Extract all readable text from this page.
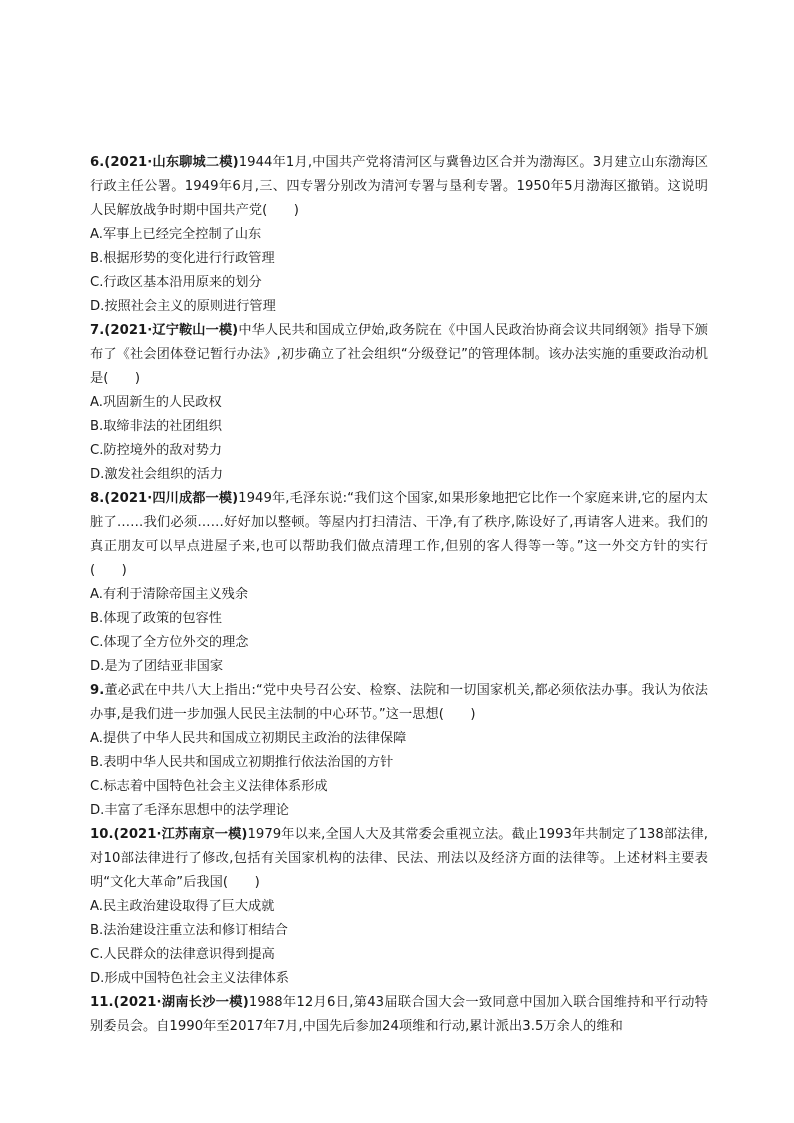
6.(2021·山东聊城二模)1944年1月,中国共产党将清河区与冀鲁边区合并为渤海区。3月建立山东渤海区行政主任公署。1949年6月,三、四专署分别改为清河专署与垦利专署。1950年5月渤海区撤销。这说明人民解放战争时期中国共产党(　　)

A.军事上已经完全控制了山东
B.根据形势的变化进行行政管理
C.行政区基本沿用原来的划分
D.按照社会主义的原则进行管理

7.(2021·辽宁鞍山一模)中华人民共和国成立伊始,政务院在《中国人民政治协商会议共同纲领》指导下颁布了《社会团体登记暂行办法》,初步确立了社会组织“分级登记”的管理体制。该办法实施的重要政治动机是(　　)

A.巩固新生的人民政权
B.取缔非法的社团组织
C.防控境外的敌对势力
D.激发社会组织的活力

8.(2021·四川成都一模)1949年,毛泽东说:“我们这个国家,如果形象地把它比作一个家庭来讲,它的屋内太脏了……我们必须……好好加以整顿。等屋内打扫清洁、干净,有了秩序,陈设好了,再请客人进来。我们的真正朋友可以早点进屋子来,也可以帮助我们做点清理工作,但别的客人得等一等。”这一外交方针的实行(　　)

A.有利于清除帝国主义残余
B.体现了政策的包容性
C.体现了全方位外交的理念
D.是为了团结亚非国家

9.董必武在中共八大上指出:“党中央号召公安、检察、法院和一切国家机关,都必须依法办事。我认为依法办事,是我们进一步加强人民民主法制的中心环节。”这一思想(　　)

A.提供了中华人民共和国成立初期民主政治的法律保障
B.表明中华人民共和国成立初期推行依法治国的方针
C.标志着中国特色社会主义法律体系形成
D.丰富了毛泽东思想中的法学理论

10.(2021·江苏南京一模)1979年以来,全国人大及其常委会重视立法。截止1993年共制定了138部法律,对10部法律进行了修改,包括有关国家机构的法律、民法、刑法以及经济方面的法律等。上述材料主要表明“文化大革命”后我国(　　)

A.民主政治建设取得了巨大成就
B.法治建设注重立法和修订相结合
C.人民群众的法律意识得到提高
D.形成中国特色社会主义法律体系

11.(2021·湖南长沙一模)1988年12月6日,第43届联合国大会一致同意中国加入联合国维持和平行动特别委员会。自1990年至2017年7月,中国先后参加24项维和行动,累计派出3.5万余人的维和
